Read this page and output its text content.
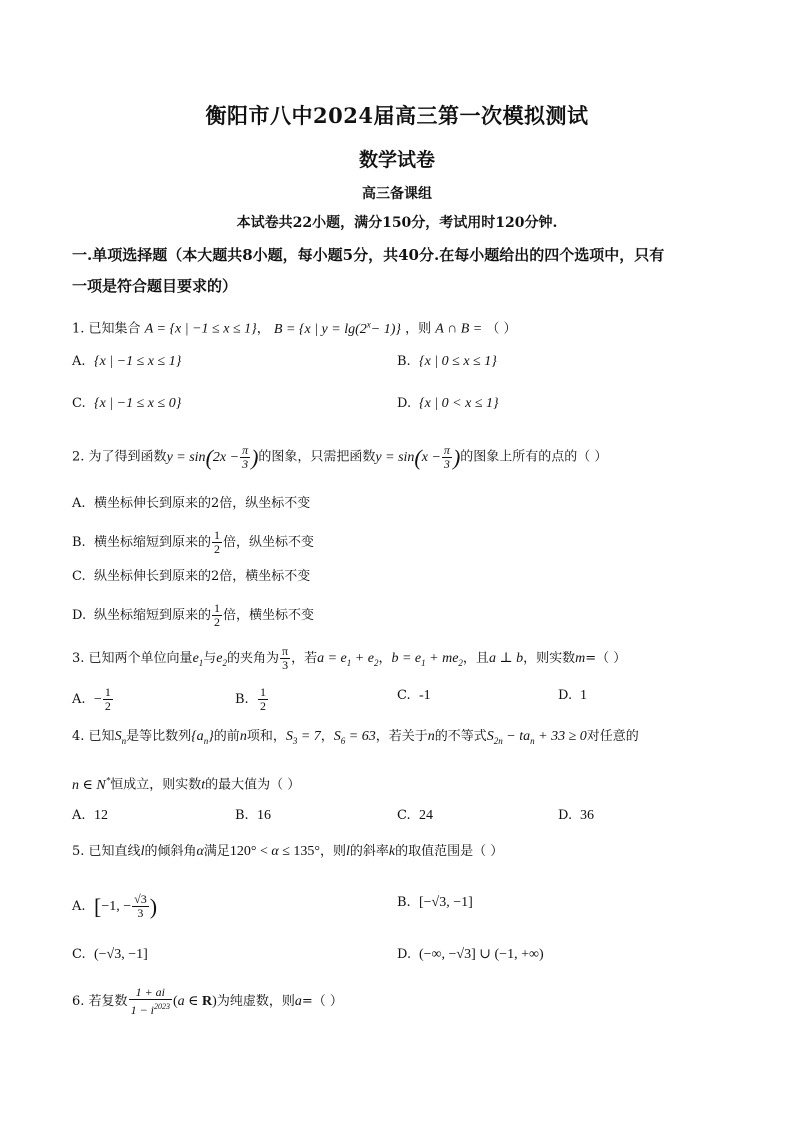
衡阳市八中2024届高三第一次模拟测试
数学试卷
高三备课组
本试卷共22小题，满分150分，考试用时120分钟.
一.单项选择题（本大题共8小题，每小题5分，共40分.在每小题给出的四个选项中，只有
一项是符合题目要求的）
1. 已知集合 A = {x | −1 ≤ x ≤ 1}， B = {x | $y = \lg(2^x- 1)$} ，则 A ∩ B = （ ）
A. {x | −1 ≤ x ≤ 1}	B. {x | 0 ≤ x ≤ 1}
C. {x | −1 ≤ x ≤ 0}	D. {x | 0 < x ≤ 1}
2. 为了得到函数$y = \sin(2x - \frac{\pi}{3}$ )的图象，只需把函数$y = \sin(x - \frac{\pi}{3}$ )的图象上所有的点的（ ）
A. 横坐标伸长到原来的2倍，纵坐标不变
B. 横坐标缩短到原来的 $\frac{1}{2}$ 倍，纵坐标不变
C. 纵坐标伸长到原来的2倍，横坐标不变
D. 纵坐标缩短到原来的 $\frac{1}{2}$ 倍，横坐标不变
3. 已知两个单位向量$e_1$与$e_2$的夹角为 $\frac{\pi}{3}$ ，若$a = e_1 + e_2$，$b = e_1 + me_2$，且a ⊥ b，则实数m=（ ）
A. − $\frac{1}{2}$	B. $\frac{1}{2}$	C. -1	D. 1
4. 已知$S_n$是等比数列$\{a_n\}$的前n项和，$S_3 = 7$，$S_6 = 63$，若关于n的不等式$S_{2n} - ta_n + 33 \ge 0$对任意的
n ∈ N*恒成立，则实数t的最大值为（ ）
A. 12	B. 16	C. 24	D. 36
5. 已知直线l的倾斜角α满足120° < α ≤ 135°，则l的斜率k的取值范围是（ ）
A. [−1, − $\frac{√3}{3}$ )	B. [−√3, −1]
C. (−√3, −1]	D. (−∞, −√3] ∪ (−1, +∞)
6. 若复数 $\frac{1 + ai}{1 - i^{2023}} (a$ ∈ R)为纯虚数，则a=（ ）
